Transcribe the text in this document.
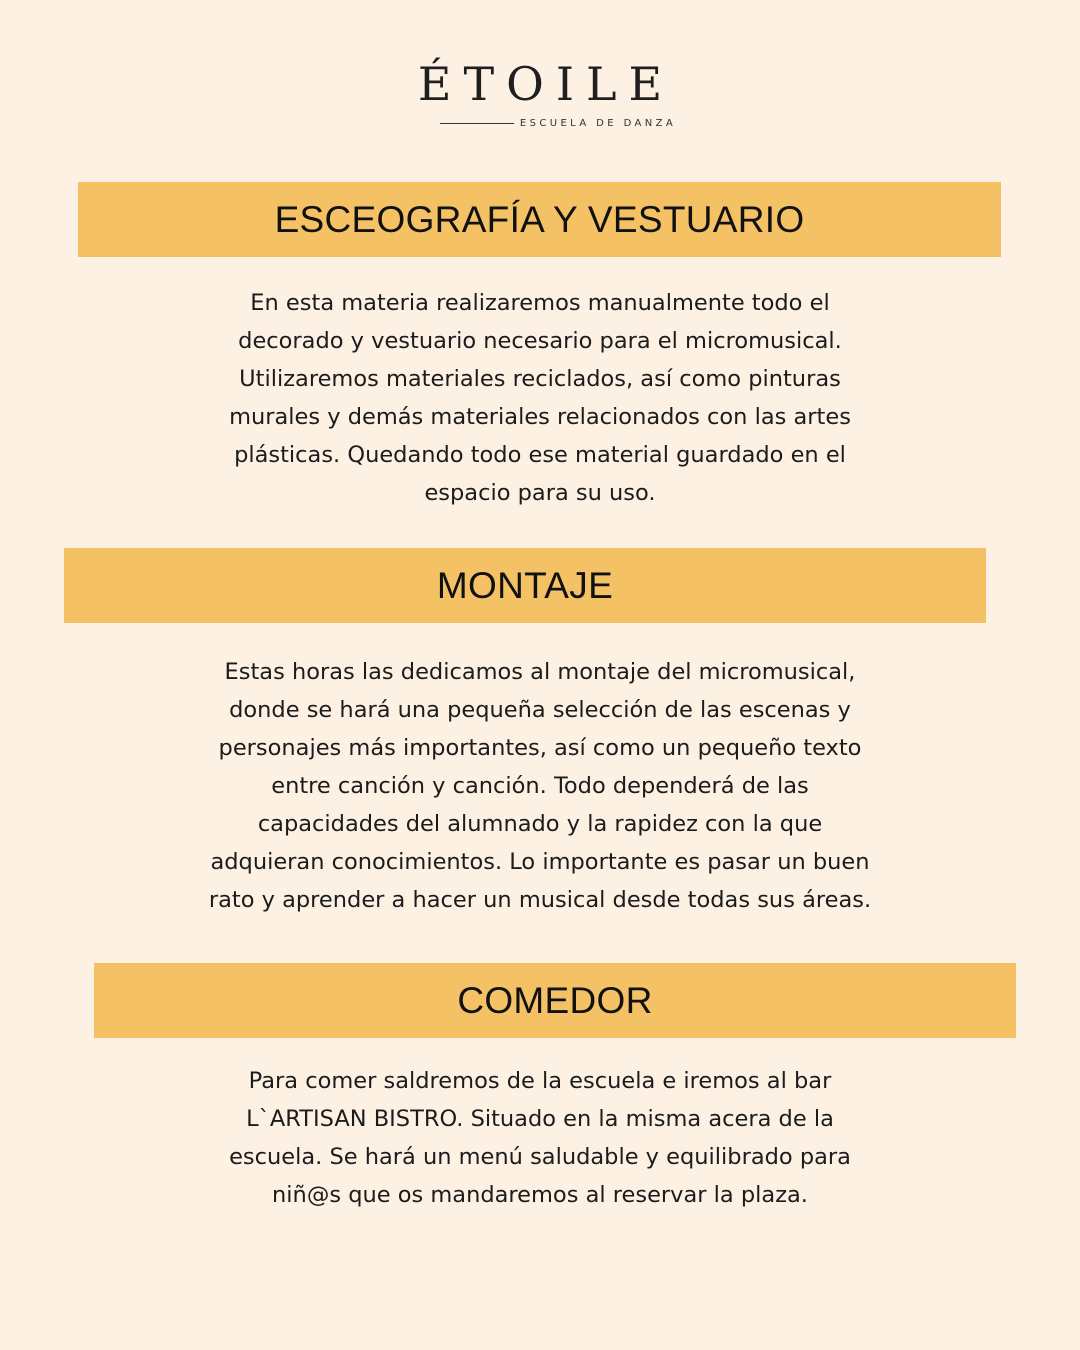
ÉTOILE
ESCUELA DE DANZA
ESCEOGRAFÍA Y VESTUARIO
En esta materia realizaremos manualmente todo el
decorado y vestuario necesario para el micromusical.
Utilizaremos materiales reciclados, así como pinturas
murales y demás materiales relacionados con las artes
plásticas. Quedando todo ese material guardado en el
espacio para su uso.
MONTAJE
Estas horas las dedicamos al montaje del micromusical,
donde se hará una pequeña selección de las escenas y
personajes más importantes, así como un pequeño texto
entre canción y canción. Todo dependerá de las
capacidades del alumnado y la rapidez con la que
adquieran conocimientos. Lo importante es pasar un buen
rato y aprender a hacer un musical desde todas sus áreas.
COMEDOR
Para comer saldremos de la escuela e iremos al bar
L`ARTISAN BISTRO. Situado en la misma acera de la
escuela. Se hará un menú saludable y equilibrado para
niñ@s que os mandaremos al reservar la plaza.
